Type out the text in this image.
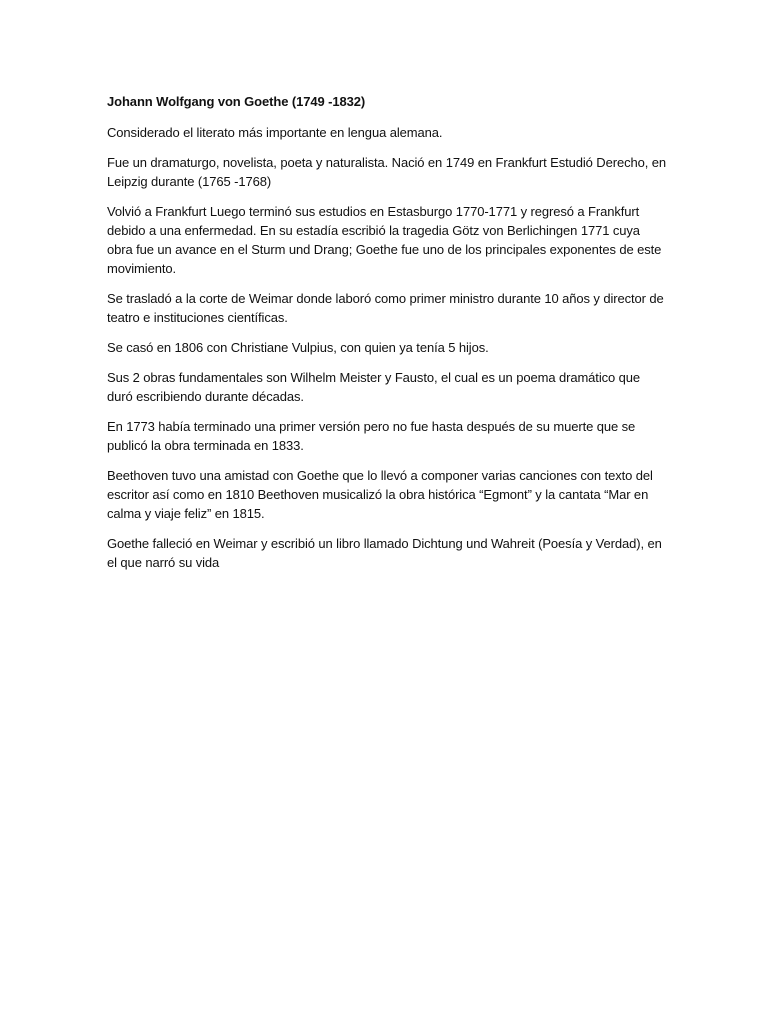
Johann Wolfgang von Goethe (1749 -1832)

Considerado el literato más importante en lengua alemana.

Fue un dramaturgo, novelista, poeta y naturalista. Nació en 1749 en Frankfurt Estudió Derecho, en Leipzig durante (1765 -1768)

Volvió a Frankfurt Luego terminó sus estudios en Estasburgo 1770-1771 y regresó a Frankfurt debido a una enfermedad. En su estadía escribió la tragedia Götz von Berlichingen 1771 cuya obra fue un avance en el Sturm und Drang; Goethe fue uno de los principales exponentes de este movimiento.

Se trasladó a la corte de Weimar donde laboró como primer ministro durante 10 años y director de teatro e instituciones científicas.

Se casó en 1806 con Christiane Vulpius, con quien ya tenía 5 hijos.

Sus 2 obras fundamentales son Wilhelm Meister y Fausto, el cual es un poema dramático que duró escribiendo durante décadas.

En 1773 había terminado una primer versión pero no fue hasta después de su muerte que se publicó la obra terminada en 1833.

Beethoven tuvo una amistad con Goethe que lo llevó a componer varias canciones con texto del escritor así como en 1810 Beethoven musicalizó la obra histórica “Egmont” y la cantata “Mar en calma y viaje feliz” en 1815.

Goethe falleció en Weimar y escribió un libro llamado Dichtung und Wahreit (Poesía y Verdad), en el que narró su vida
